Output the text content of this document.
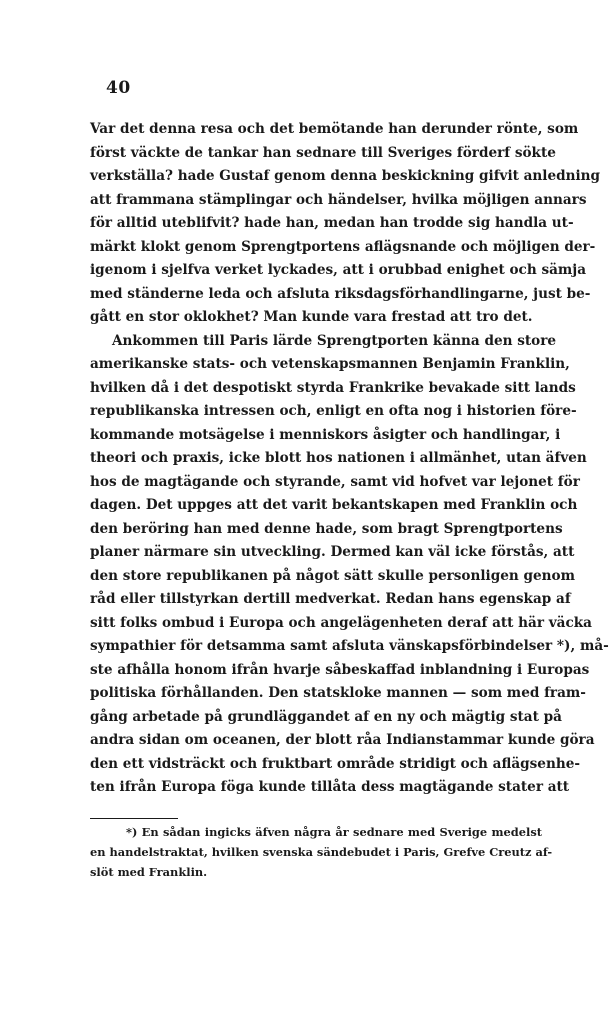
40
Var det denna resa och det bemötande han derunder rönte, som
först väckte de tankar han sednare till Sveriges förderf sökte
verkställa? hade Gustaf genom denna beskickning gifvit anledning
att frammana stämplingar och händelser, hvilka möjligen annars
för alltid uteblifvit? hade han, medan han trodde sig handla ut-
märkt klokt genom Sprengtportens aflägsnande och möjligen der-
igenom i sjelfva verket lyckades, att i orubbad enighet och sämja
med ständerne leda och afsluta riksdagsförhandlingarne, just be-
gått en stor oklokhet? Man kunde vara frestad att tro det.
Ankommen till Paris lärde Sprengtporten känna den store
amerikanske stats- och vetenskapsmannen Benjamin Franklin,
hvilken då i det despotiskt styrda Frankrike bevakade sitt lands
republikanska intressen och, enligt en ofta nog i historien före-
kommande motsägelse i menniskors åsigter och handlingar, i
theori och praxis, icke blott hos nationen i allmänhet, utan äfven
hos de magtägande och styrande, samt vid hofvet var lejonet för
dagen. Det uppges att det varit bekantskapen med Franklin och
den beröring han med denne hade, som bragt Sprengtportens
planer närmare sin utveckling. Dermed kan väl icke förstås, att
den store republikanen på något sätt skulle personligen genom
råd eller tillstyrkan dertill medverkat. Redan hans egenskap af
sitt folks ombud i Europa och angelägenheten deraf att här väcka
sympathier för detsamma samt afsluta vänskapsförbindelser *), må-
ste afhålla honom ifrån hvarje såbeskaffad inblandning i Europas
politiska förhållanden. Den statskloke mannen — som med fram-
gång arbetade på grundläggandet af en ny och mägtig stat på
andra sidan om oceanen, der blott råa Indianstammar kunde göra
den ett vidsträckt och fruktbart område stridigt och aflägsenhe-
ten ifrån Europa föga kunde tillåta dess magtägande stater att
*) En sådan ingicks äfven några år sednare med Sverige medelst
en handelstraktat, hvilken svenska sändebudet i Paris, Grefve Creutz af-
slöt med Franklin.
